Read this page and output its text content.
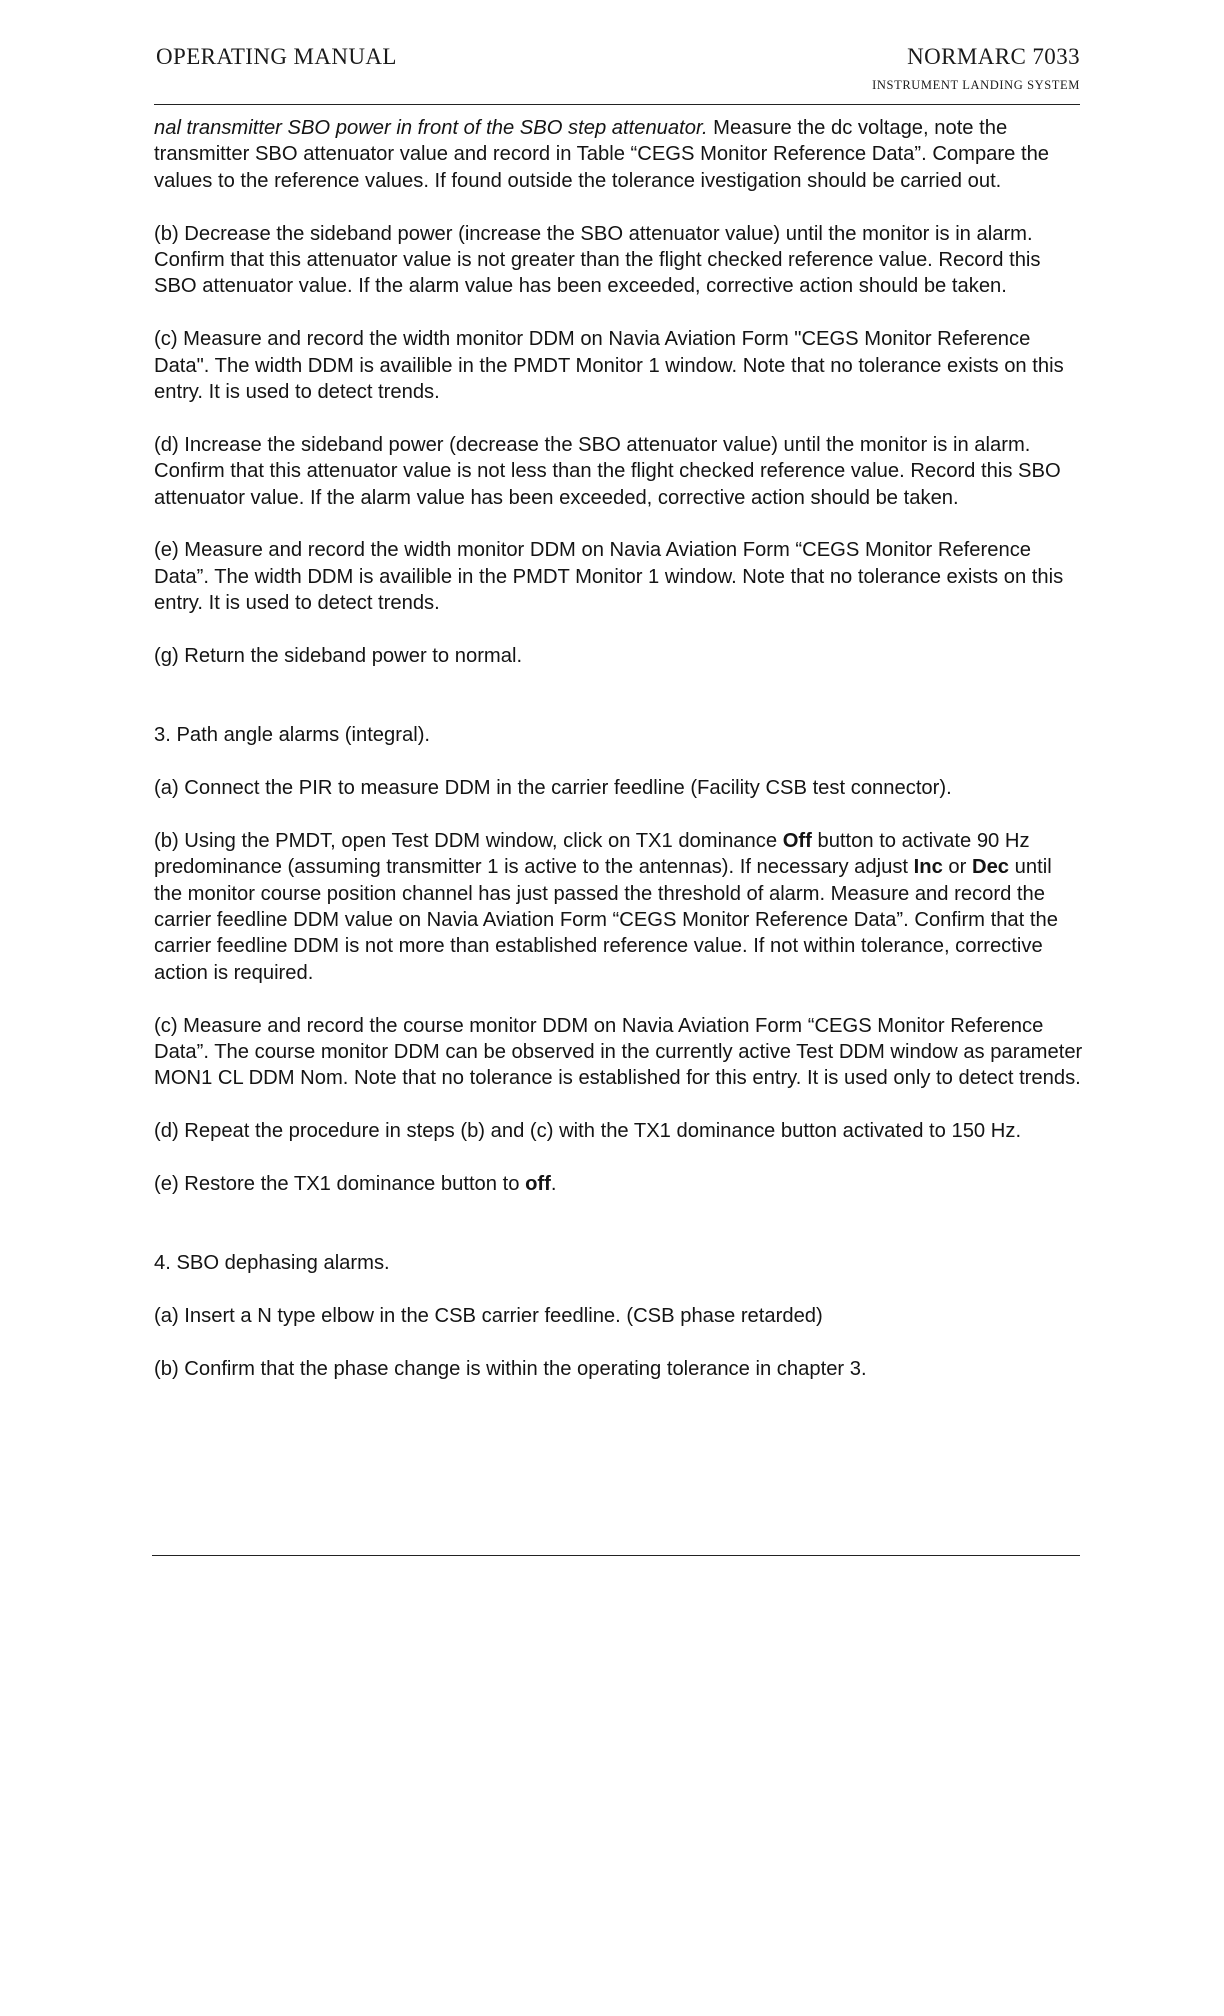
OPERATING MANUAL	NORMARC 7033
INSTRUMENT LANDING SYSTEM

nal transmitter SBO power in front of the SBO step attenuator. Measure the dc voltage, note the transmitter SBO attenuator value and record in Table “CEGS Monitor Reference Data”. Compare the values to the reference values. If found outside the tolerance ivestigation should be carried out.

(b) Decrease the sideband power (increase the SBO attenuator value) until the monitor is in alarm. Confirm that this attenuator value is not greater than the flight checked reference value. Record this SBO attenuator value. If the alarm value has been exceeded, corrective action should be taken.

(c) Measure and record the width monitor DDM on Navia Aviation Form "CEGS Monitor Reference Data". The width DDM is availible in the PMDT Monitor 1 window. Note that no tolerance exists on this entry. It is used to detect trends.

(d) Increase the sideband power (decrease the SBO attenuator value) until the monitor is in alarm. Confirm that this attenuator value is not less than the flight checked reference value. Record this SBO attenuator value. If the alarm value has been exceeded, corrective action should be taken.

(e) Measure and record the width monitor DDM on Navia Aviation Form “CEGS Monitor Reference Data”. The width DDM is availible in the PMDT Monitor 1 window. Note that no tolerance exists on this entry. It is used to detect trends.

(g) Return the sideband power to normal.

3. Path angle alarms (integral).

(a) Connect the PIR to measure DDM in the carrier feedline (Facility CSB test connector).

(b) Using the PMDT, open Test DDM window, click on TX1 dominance Off button to activate 90 Hz predominance (assuming transmitter 1 is active to the antennas). If necessary adjust Inc or Dec until the monitor course position channel has just passed the threshold of alarm. Measure and record the carrier feedline DDM value on Navia Aviation Form “CEGS Monitor Reference Data”. Confirm that the carrier feedline DDM is not more than established reference value. If not within tolerance, corrective action is required.

(c) Measure and record the course monitor DDM on Navia Aviation Form “CEGS Monitor Reference Data”. The course monitor DDM can be observed in the currently active Test DDM window as parameter MON1 CL DDM Nom. Note that no tolerance is established for this entry. It is used only to detect trends.

(d) Repeat the procedure in steps (b) and (c) with the TX1 dominance button activated to 150 Hz.

(e) Restore the TX1 dominance button to off.

4. SBO dephasing alarms.

(a) Insert a N type elbow in the CSB carrier feedline. (CSB phase retarded)

(b) Confirm that the phase change is within the operating tolerance in chapter 3.
